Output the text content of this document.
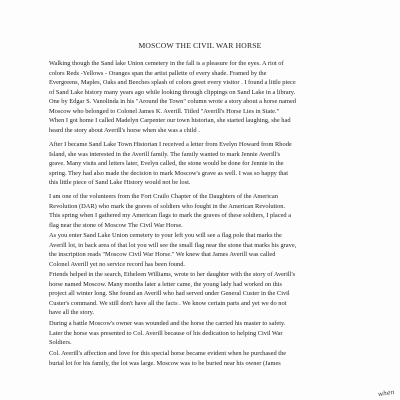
MOSCOW THE CIVIL WAR HORSE

Walking though the Sand lake Union cemetery in the fall is a pleasure for the eyes. A riot of
colors Reds -Yellows - Oranges span the artist pallette of every shade. Framed by the
Evergreens, Maples, Oaks and Beeches splash of colors greet every visitor . I found a little piece
of Sand Lake history many years ago while looking through clippings on Sand Lake in a library.
One by Edgar S. Vanolinda in his "Around the Town" column wrote a story about a horse named
Moscow who belonged to Colonel James K. Averill. Titled "Averill's Horse Lies in State."
When I got home I called Madelyn Carpenter our town historian, she started laughing, she had
heard the story about Averill's horse when she was a child .

After I became Sand Lake Town Historian I received a letter from Evelyn Howard from Rhode
Island, she was interested in the Averill family. The family wanted to mark Jennie Averill's
grave. Many visits and letters later, Evelyn called, the stone would be done for Jennie in the
spring. They had also made the decision to mark Moscow's grave as well. I was so happy that
this little piece of Sand Lake History would not be lost.

I am one of the volunteers from the Fort Crailo Chapter of the Daughters of the American
Revolution (DAR) who mark the graves of soldiers who fought in the American Revolution.
This spring when I gathered my American flags to mark the graves of these soldiers, I placed a
flag near the stone of Moscow The Civil War Horse.

As you enter Sand Lake Union cemetery to your left you will see a flag pole that marks the
Averill lot, in back area of that lot you will see the small flag near the stone that marks his grave,
the inscription reads "Moscow Civil War Horse." We knew that James Averill was called
Colonel Averill yet no service record has been found.

Friends helped in the search, Etheleen Williams, wrote to her daughter with the story of Averill's
horse named Moscow. Many months later a letter came, the young lady had worked on this
project all winter long. She found an Averill who had served under General Custer in the Civil
Custer's command. We still don't have all the facts . We know certain parts and yet we do not
have all the story.

During a battle Moscow's owner was wounded and the horse the carried his master to safety.
Later the horse was presented to Col. Averill because of his dedication to helping Civil War
Soldiers.

Col. Averill's affection and love for this special horse became evident when he purchased the
burial lot for his family, the lot was large. Moscow was to be buried near his owner (James

when
